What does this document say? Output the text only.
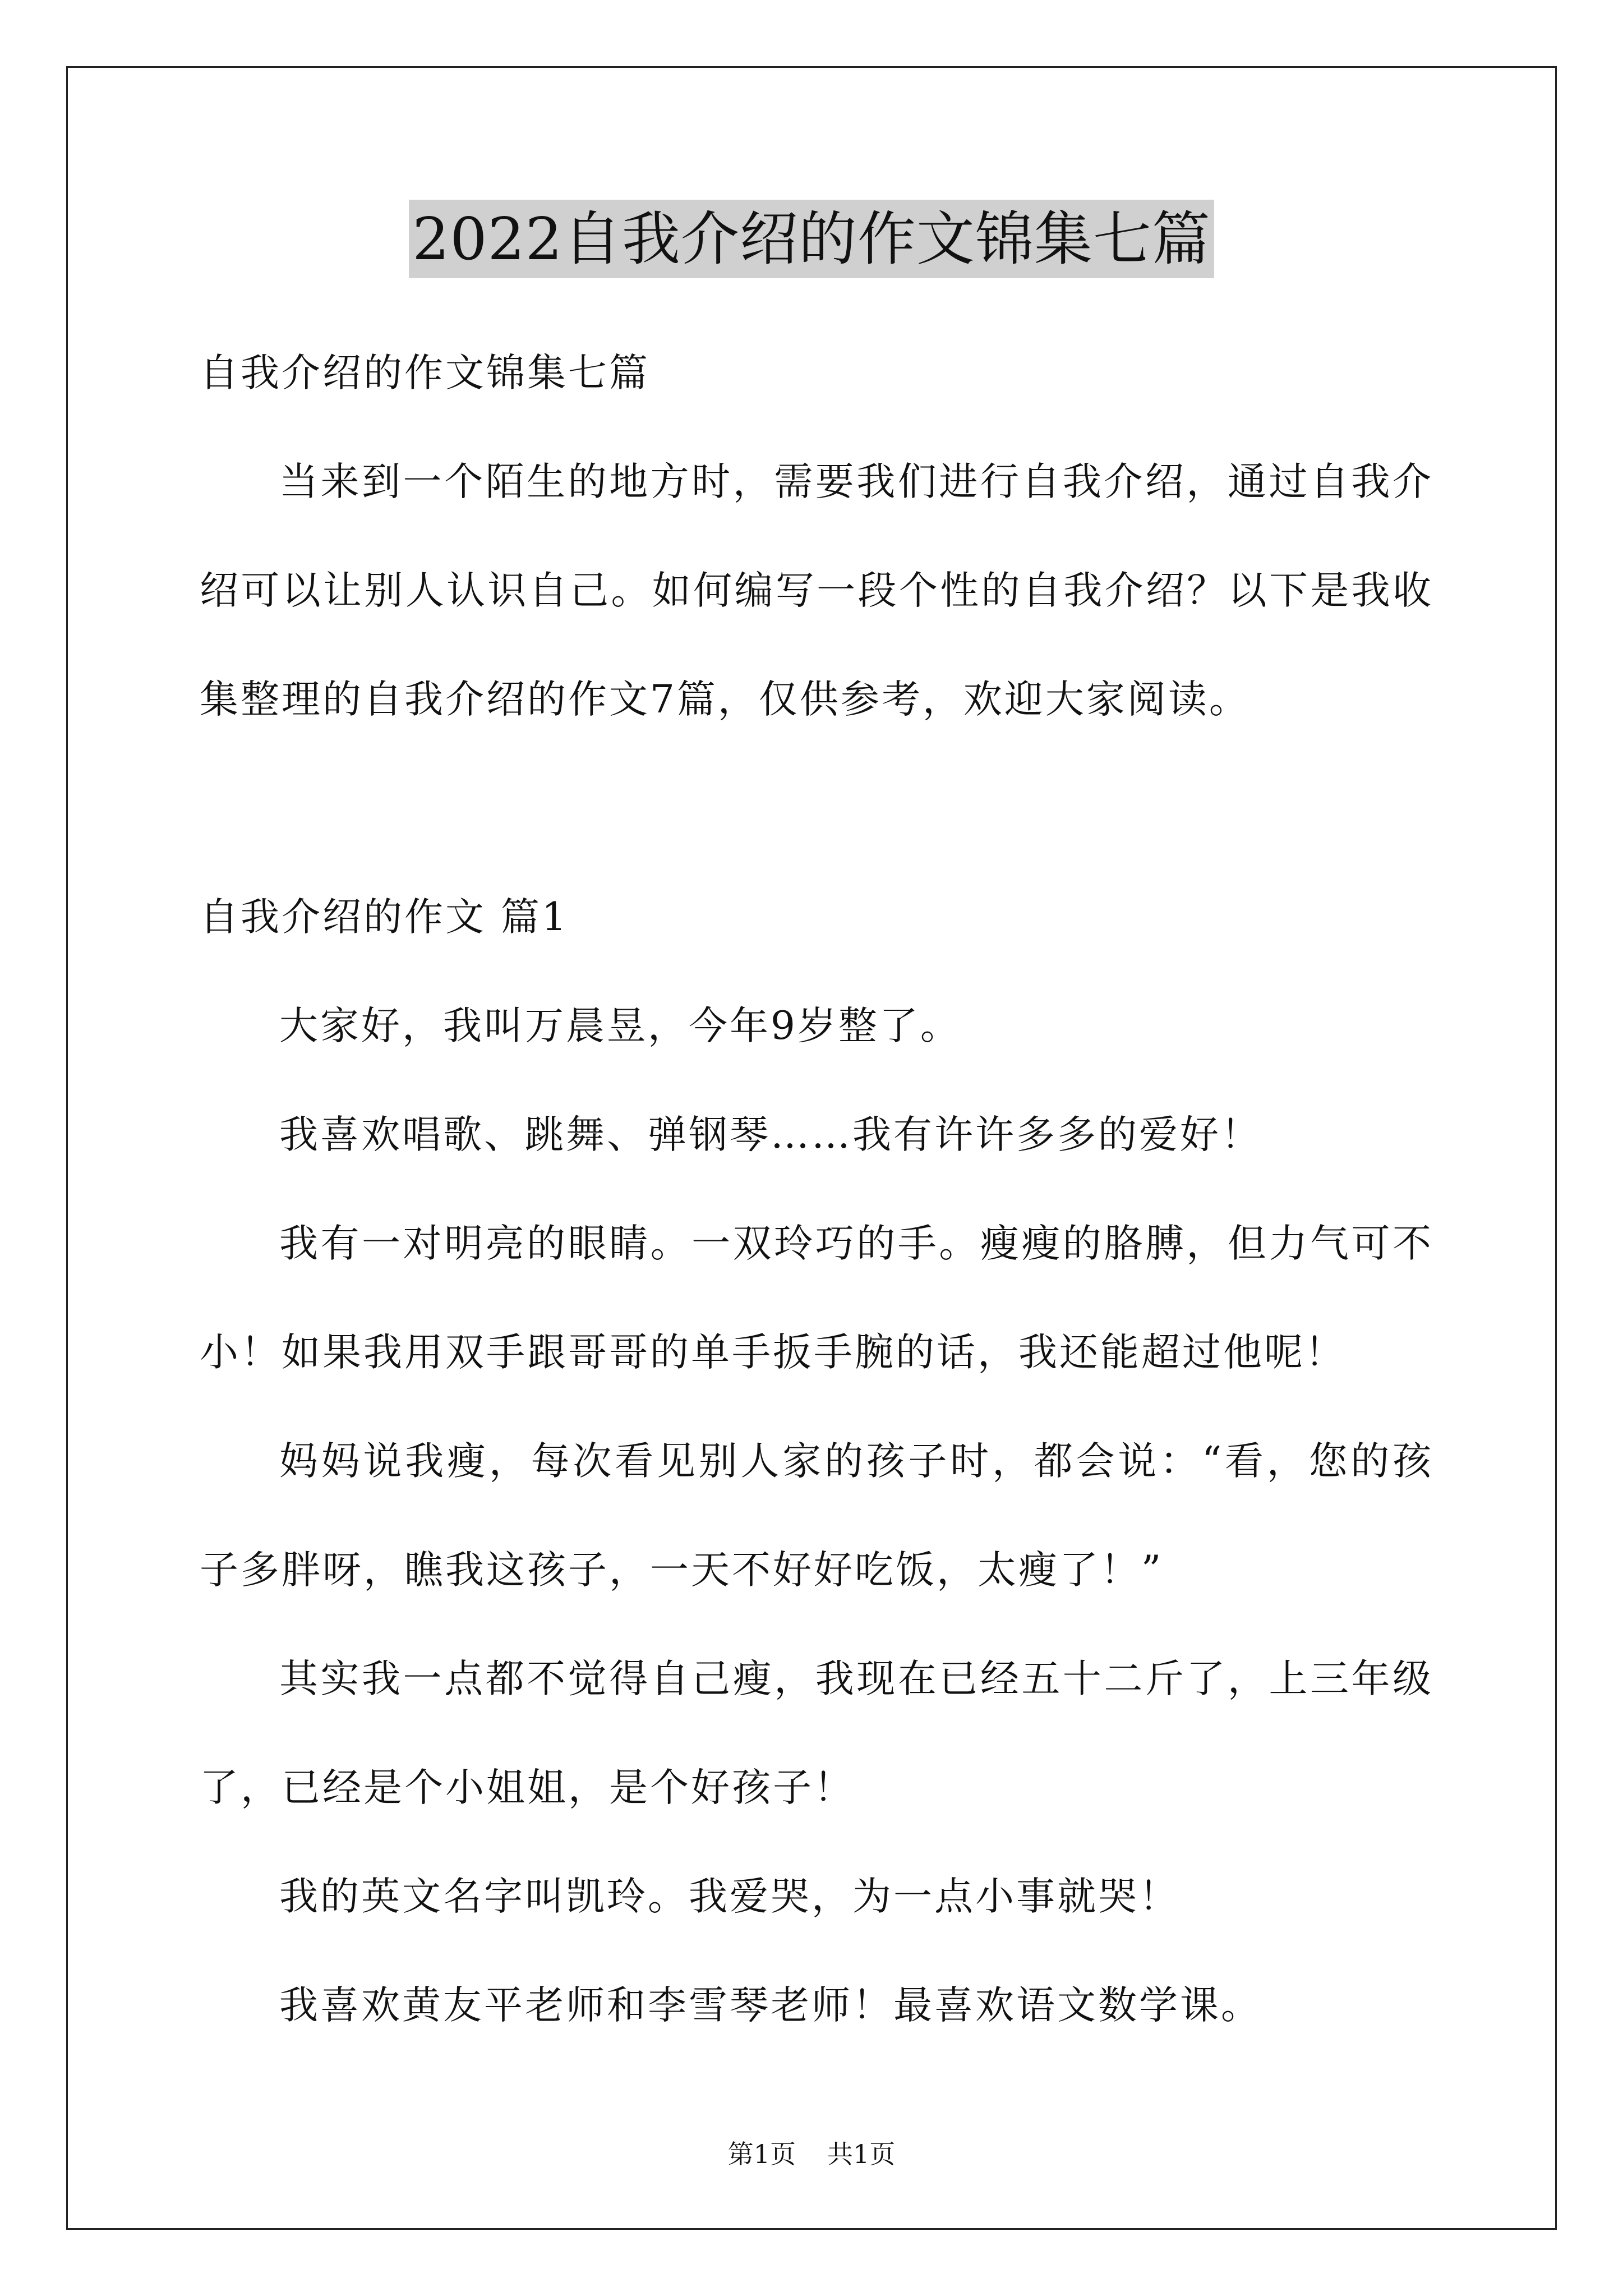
2022自我介绍的作文锦集七篇

自我介绍的作文锦集七篇

当来到一个陌生的地方时，需要我们进行自我介绍，通过自我介绍可以让别人认识自己。如何编写一段个性的自我介绍？以下是我收集整理的自我介绍的作文7篇，仅供参考，欢迎大家阅读。

自我介绍的作文 篇1

大家好，我叫万晨昱，今年9岁整了。

我喜欢唱歌、跳舞、弹钢琴……我有许许多多的爱好！

我有一对明亮的眼睛。一双玲巧的手。瘦瘦的胳膊，但力气可不小！如果我用双手跟哥哥的单手扳手腕的话，我还能超过他呢！

妈妈说我瘦，每次看见别人家的孩子时，都会说：“看，您的孩子多胖呀，瞧我这孩子，一天不好好吃饭，太瘦了！”

其实我一点都不觉得自己瘦，我现在已经五十二斤了，上三年级了，已经是个小姐姐，是个好孩子！

我的英文名字叫凯玲。我爱哭，为一点小事就哭！

我喜欢黄友平老师和李雪琴老师！最喜欢语文数学课。

第1页 共1页
